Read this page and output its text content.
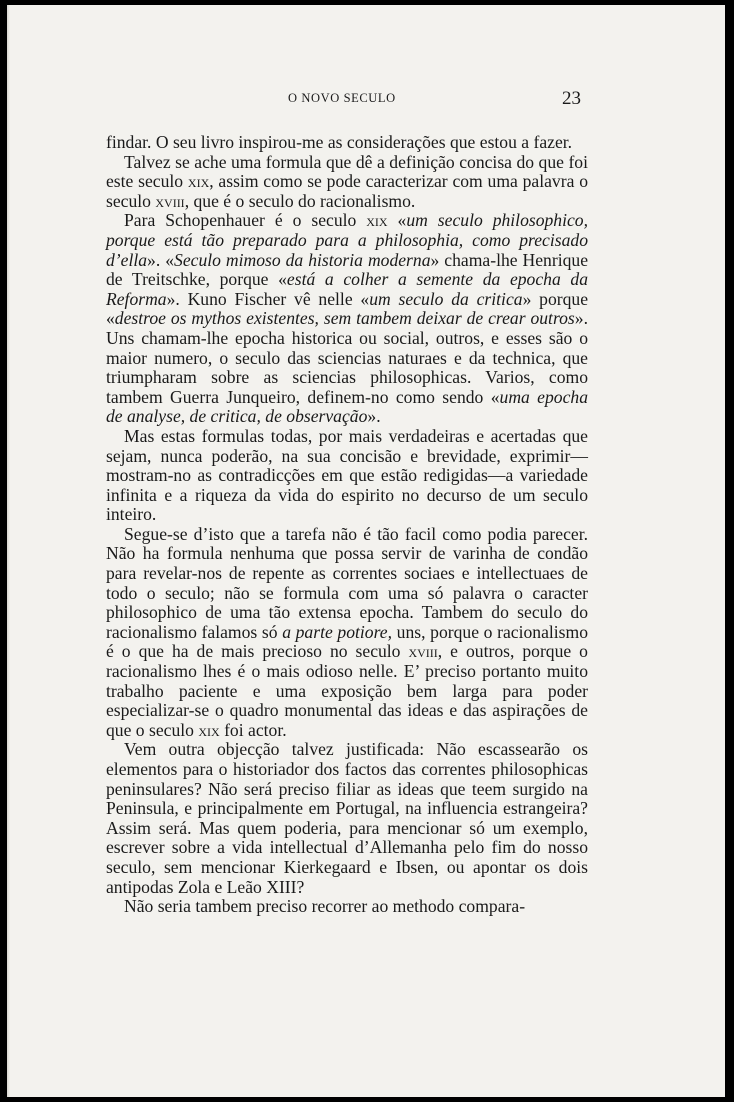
O NOVO SECULO	23

findar. O seu livro inspirou-me as considerações que estou a fazer.

Talvez se ache uma formula que dê a definição concisa do que foi este seculo xix, assim como se pode caracterizar com uma palavra o seculo xviii, que é o seculo do racionalismo.

Para Schopenhauer é o seculo xix «um seculo philosophico, porque está tão preparado para a philosophia, como precisado d’ella». «Seculo mimoso da historia moderna» chama-lhe Henrique de Treitschke, porque «está a colher a semente da epocha da Reforma». Kuno Fischer vê nelle «um seculo da critica» porque «destroe os mythos existentes, sem tambem deixar de crear outros». Uns chamam-lhe epocha historica ou social, outros, e esses são o maior numero, o seculo das sciencias naturaes e da technica, que triumpharam sobre as sciencias philosophicas. Varios, como tambem Guerra Junqueiro, definem-no como sendo «uma epocha de analyse, de critica, de observação».

Mas estas formulas todas, por mais verdadeiras e acertadas que sejam, nunca poderão, na sua concisão e brevidade, exprimir—mostram-no as contradicções em que estão redigidas—a variedade infinita e a riqueza da vida do espirito no decurso de um seculo inteiro.

Segue-se d’isto que a tarefa não é tão facil como podia parecer. Não ha formula nenhuma que possa servir de varinha de condão para revelar-nos de repente as correntes sociaes e intellectuaes de todo o seculo; não se formula com uma só palavra o caracter philosophico de uma tão extensa epocha. Tambem do seculo do racionalismo falamos só a parte potiore, uns, porque o racionalismo é o que ha de mais precioso no seculo xviii, e outros, porque o racionalismo lhes é o mais odioso nelle. E’ preciso portanto muito trabalho paciente e uma exposição bem larga para poder especializar-se o quadro monumental das ideas e das aspirações de que o seculo xix foi actor.

Vem outra objecção talvez justificada: Não escassearão os elementos para o historiador dos factos das correntes philosophicas peninsulares? Não será preciso filiar as ideas que teem surgido na Peninsula, e principalmente em Portugal, na influencia estrangeira? Assim será. Mas quem poderia, para mencionar só um exemplo, escrever sobre a vida intellectual d’Allemanha pelo fim do nosso seculo, sem mencionar Kierkegaard e Ibsen, ou apontar os dois antipodas Zola e Leão XIII?

Não seria tambem preciso recorrer ao methodo compara-
